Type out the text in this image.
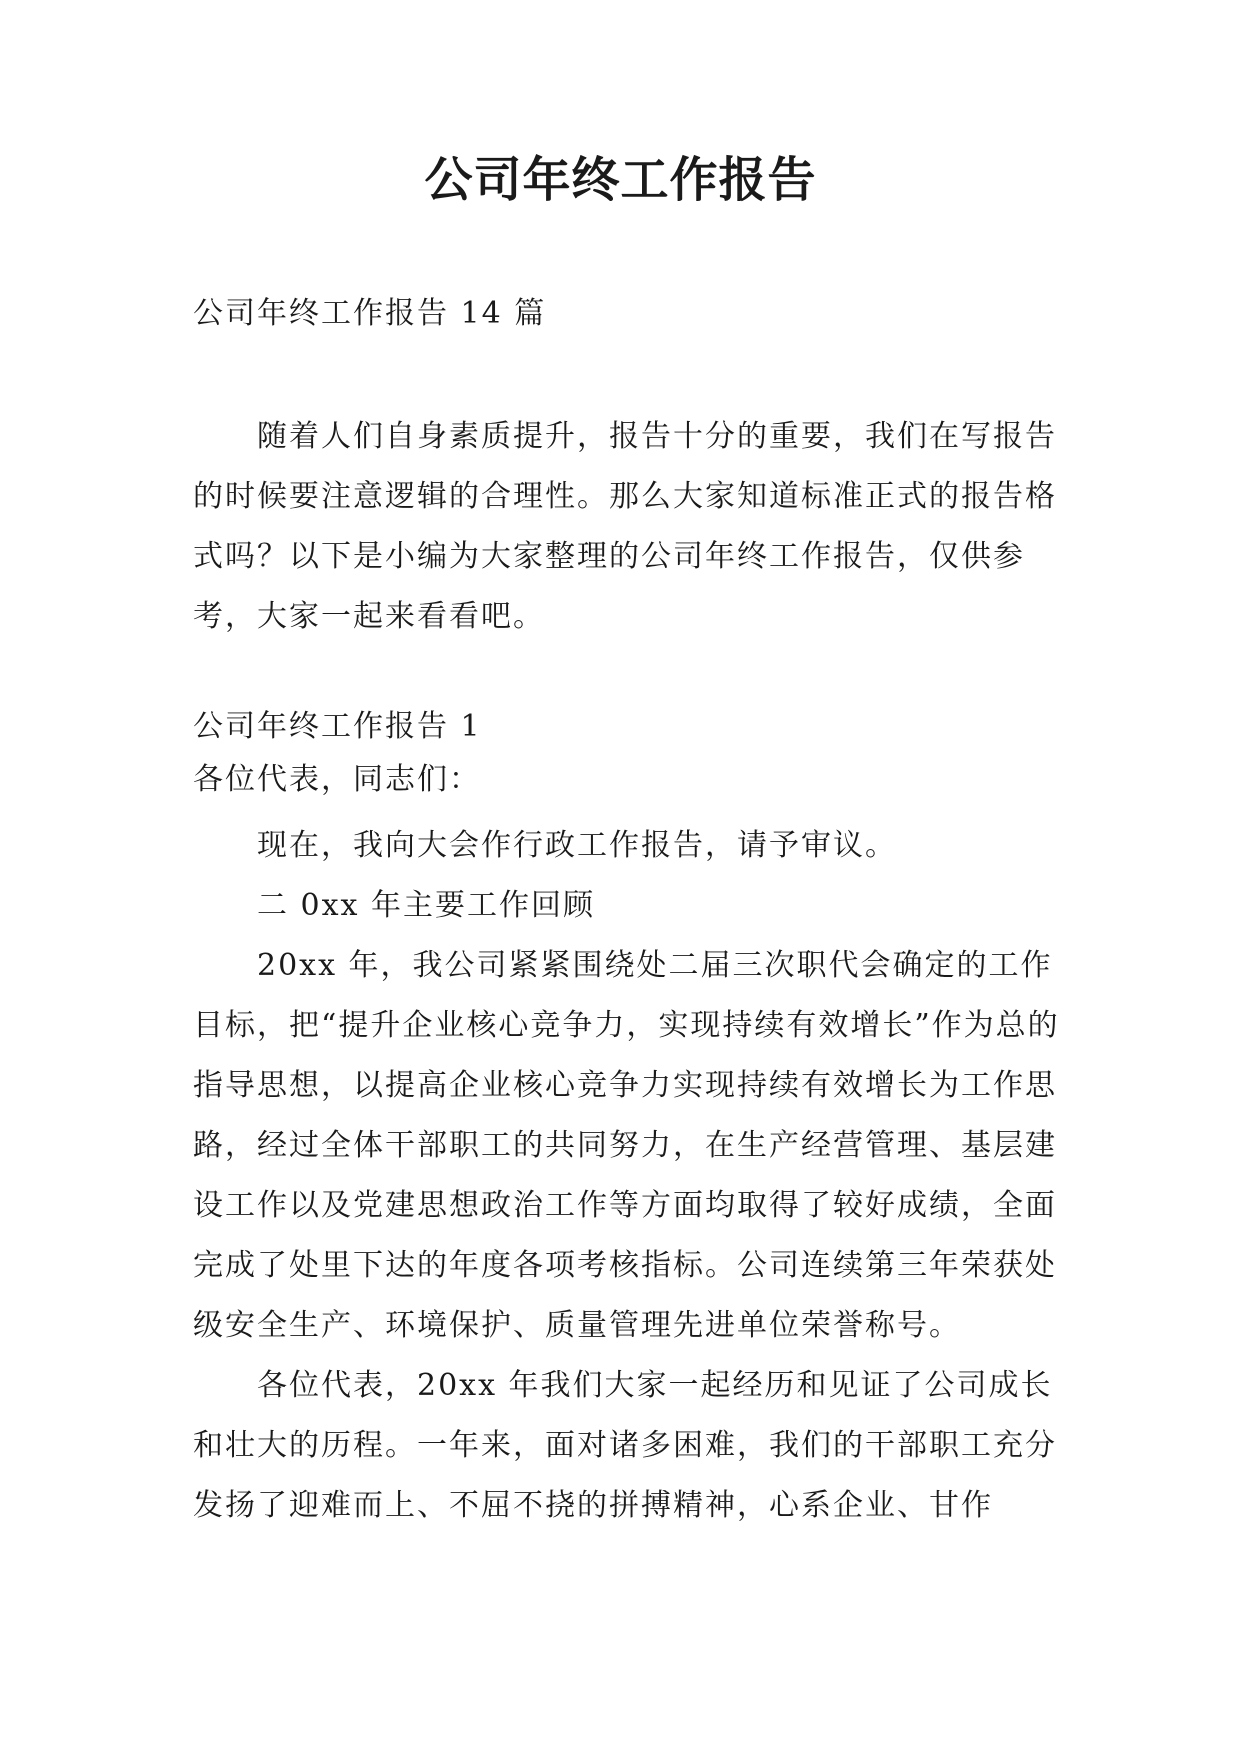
公司年终工作报告
公司年终工作报告 14 篇
随着人们自身素质提升，报告十分的重要，我们在写报告的时候要注意逻辑的合理性。那么大家知道标准正式的报告格式吗？以下是小编为大家整理的公司年终工作报告，仅供参考，大家一起来看看吧。
公司年终工作报告 1
各位代表，同志们：

现在，我向大会作行政工作报告，请予审议。

二 0xx 年主要工作回顾

20xx 年，我公司紧紧围绕处二届三次职代会确定的工作目标，把“提升企业核心竞争力，实现持续有效增长”作为总的指导思想，以提高企业核心竞争力实现持续有效增长为工作思路，经过全体干部职工的共同努力，在生产经营管理、基层建设工作以及党建思想政治工作等方面均取得了较好成绩，全面完成了处里下达的年度各项考核指标。公司连续第三年荣获处级安全生产、环境保护、质量管理先进单位荣誉称号。

各位代表，20xx 年我们大家一起经历和见证了公司成长和壮大的历程。一年来，面对诸多困难，我们的干部职工充分发扬了迎难而上、不屈不挠的拼搏精神，心系企业、甘作
